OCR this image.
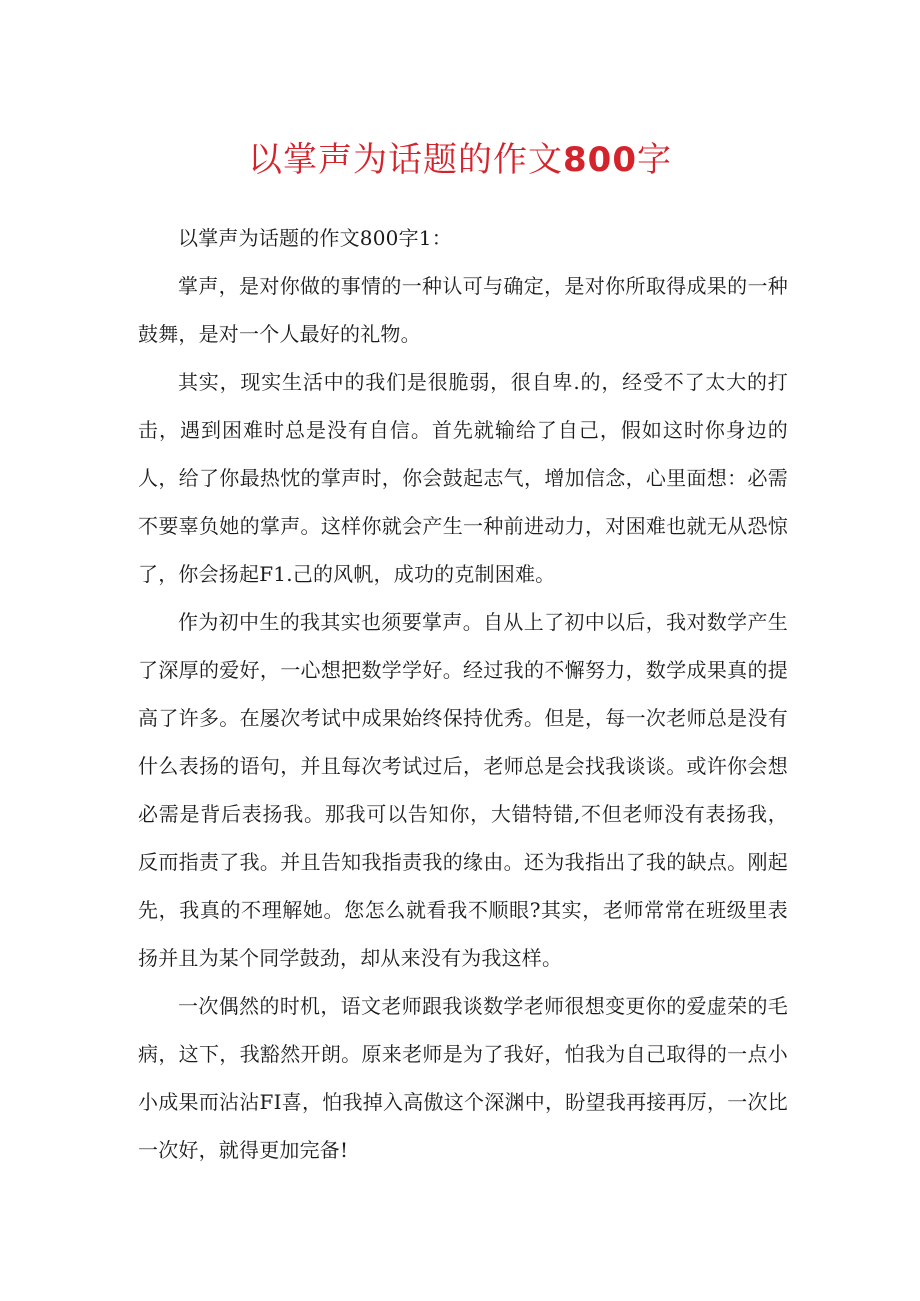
以掌声为话题的作文800字

以掌声为话题的作文800字1：

掌声，是对你做的事情的一种认可与确定，是对你所取得成果的一种鼓舞，是对一个人最好的礼物。

其实，现实生活中的我们是很脆弱，很自卑.的，经受不了太大的打击，遇到困难时总是没有自信。首先就输给了自己，假如这时你身边的人，给了你最热忱的掌声时，你会鼓起志气，增加信念，心里面想：必需不要辜负她的掌声。这样你就会产生一种前进动力，对困难也就无从恐惊了，你会扬起F1.己的风帆，成功的克制困难。

作为初中生的我其实也须要掌声。自从上了初中以后，我对数学产生了深厚的爱好，一心想把数学学好。经过我的不懈努力，数学成果真的提高了许多。在屡次考试中成果始终保持优秀。但是，每一次老师总是没有什么表扬的语句，并且每次考试过后，老师总是会找我谈谈。或许你会想必需是背后表扬我。那我可以告知你，大错特错,不但老师没有表扬我，反而指责了我。并且告知我指责我的缘由。还为我指出了我的缺点。刚起先，我真的不理解她。您怎么就看我不顺眼?其实，老师常常在班级里表扬并且为某个同学鼓劲，却从来没有为我这样。

一次偶然的时机，语文老师跟我谈数学老师很想变更你的爱虚荣的毛病，这下，我豁然开朗。原来老师是为了我好，怕我为自己取得的一点小小成果而沾沾FI喜，怕我掉入高傲这个深渊中，盼望我再接再厉，一次比一次好，就得更加完备!
